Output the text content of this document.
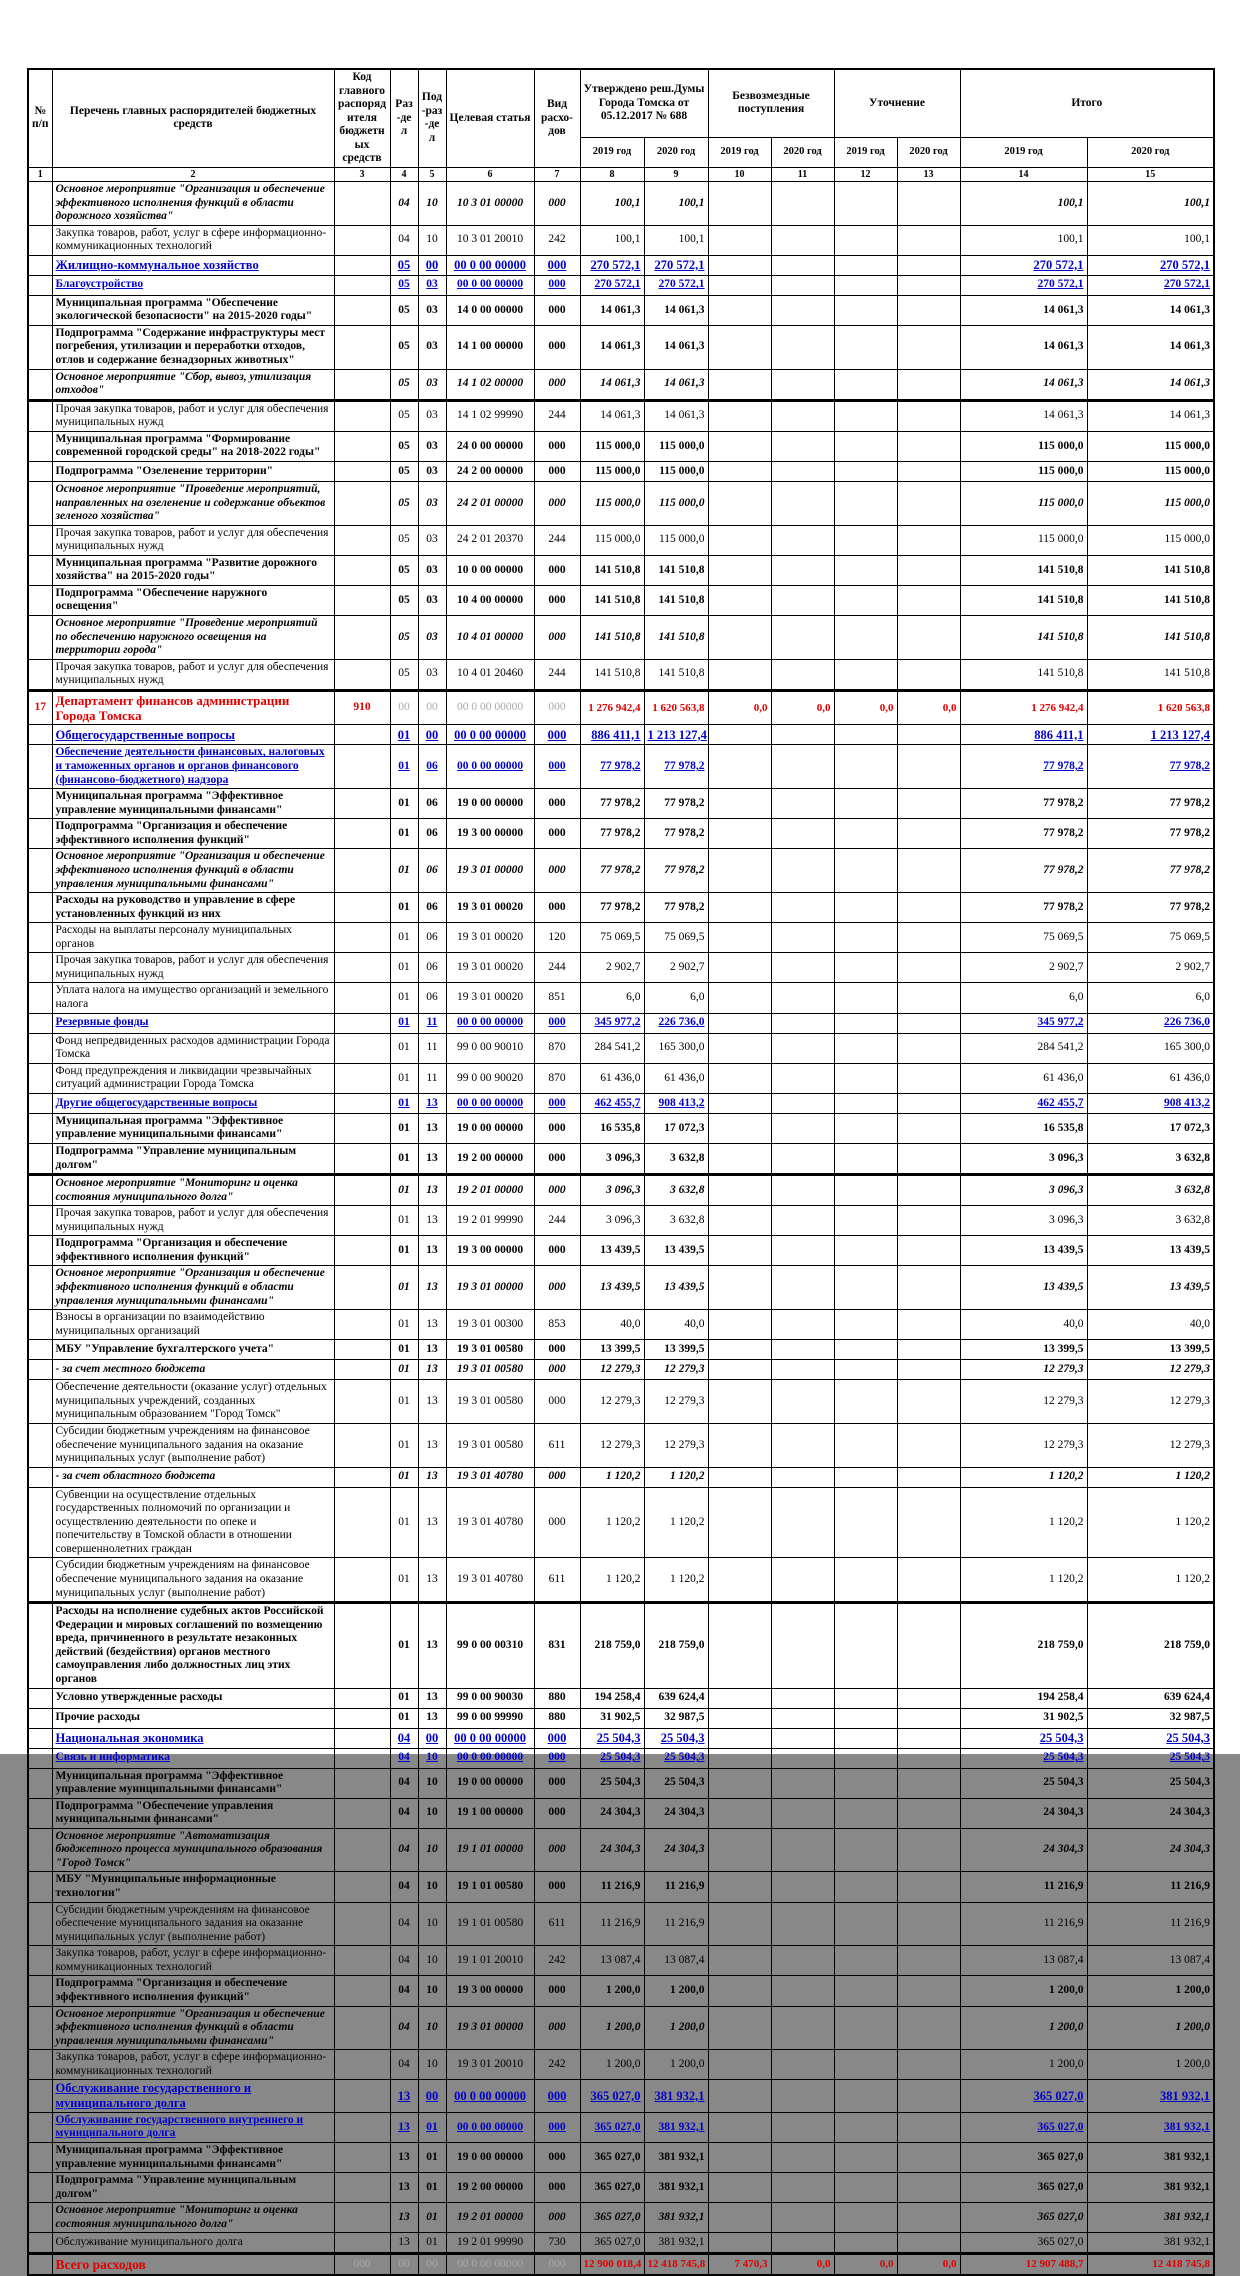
№ п/п	Перечень главных распорядителей бюджетных средств	Код главного распорядителя бюджетных средств	Раз-дел	Под-раз-дел	Целевая статья	Вид расхо-дов	Утверждено реш.Думы Города Томска от 05.12.2017 № 688		Безвозмездные поступления		Уточнение		Итого	
							2019 год	2020 год	2019 год	2020 год	2019 год	2020 год	2019 год	2020 год
1	2	3	4	5	6	7	8	9	10	11	12	13	14	15
	Основное мероприятие "Организация и обеспечение эффективного исполнения функций в области дорожного хозяйства"		04	10	10 3 01 00000	000	100,1	100,1					100,1	100,1
	Закупка товаров, работ, услуг в сфере информационно-коммуникационных технологий		04	10	10 3 01 20010	242	100,1	100,1					100,1	100,1
	Жилищно-коммунальное хозяйство		05	00	00 0 00 00000	000	270 572,1	270 572,1					270 572,1	270 572,1
	Благоустройство		05	03	00 0 00 00000	000	270 572,1	270 572,1					270 572,1	270 572,1
	Муниципальная программа "Обеспечение экологической безопасности" на 2015-2020 годы"		05	03	14 0 00 00000	000	14 061,3	14 061,3					14 061,3	14 061,3
	Подпрограмма "Содержание инфраструктуры мест погребения, утилизации и переработки отходов, отлов и содержание безнадзорных животных"		05	03	14 1 00 00000	000	14 061,3	14 061,3					14 061,3	14 061,3
	Основное мероприятие "Сбор, вывоз, утилизация отходов"		05	03	14 1 02 00000	000	14 061,3	14 061,3					14 061,3	14 061,3
	Прочая закупка товаров, работ и услуг для обеспечения муниципальных нужд		05	03	14 1 02 99990	244	14 061,3	14 061,3					14 061,3	14 061,3
	Муниципальная программа "Формирование современной городской среды" на 2018-2022 годы"		05	03	24 0 00 00000	000	115 000,0	115 000,0					115 000,0	115 000,0
	Подпрограмма "Озеленение территории"		05	03	24 2 00 00000	000	115 000,0	115 000,0					115 000,0	115 000,0
	Основное мероприятие "Проведение мероприятий, направленных на озеленение и содержание объектов зеленого хозяйства"		05	03	24 2 01 00000	000	115 000,0	115 000,0					115 000,0	115 000,0
	Прочая закупка товаров, работ и услуг для обеспечения муниципальных нужд		05	03	24 2 01 20370	244	115 000,0	115 000,0					115 000,0	115 000,0
	Муниципальная программа "Развитие дорожного хозяйства" на 2015-2020 годы"		05	03	10 0 00 00000	000	141 510,8	141 510,8					141 510,8	141 510,8
	Подпрограмма "Обеспечение наружного освещения"		05	03	10 4 00 00000	000	141 510,8	141 510,8					141 510,8	141 510,8
	Основное мероприятие "Проведение мероприятий по обеспечению наружного освещения на территории города"		05	03	10 4 01 00000	000	141 510,8	141 510,8					141 510,8	141 510,8
	Прочая закупка товаров, работ и услуг для обеспечения муниципальных нужд		05	03	10 4 01 20460	244	141 510,8	141 510,8					141 510,8	141 510,8
17	Департамент финансов администрации Города Томска	910	00	00	00 0 00 00000	000	1 276 942,4	1 620 563,8	0,0	0,0	0,0	0,0	1 276 942,4	1 620 563,8
	Общегосударственные вопросы		01	00	00 0 00 00000	000	886 411,1	1 213 127,4					886 411,1	1 213 127,4
	Обеспечение деятельности финансовых, налоговых и таможенных органов и органов финансового (финансово-бюджетного) надзора		01	06	00 0 00 00000	000	77 978,2	77 978,2					77 978,2	77 978,2
	Муниципальная программа "Эффективное управление муниципальными финансами"		01	06	19 0 00 00000	000	77 978,2	77 978,2					77 978,2	77 978,2
	Подпрограмма "Организация и обеспечение эффективного исполнения функций"		01	06	19 3 00 00000	000	77 978,2	77 978,2					77 978,2	77 978,2
	Основное мероприятие "Организация и обеспечение эффективного исполнения функций в области управления муниципальными финансами"		01	06	19 3 01 00000	000	77 978,2	77 978,2					77 978,2	77 978,2
	Расходы на руководство и управление в сфере установленных функций из них		01	06	19 3 01 00020	000	77 978,2	77 978,2					77 978,2	77 978,2
	Расходы на выплаты персоналу муниципальных органов		01	06	19 3 01 00020	120	75 069,5	75 069,5					75 069,5	75 069,5
	Прочая закупка товаров, работ и услуг для обеспечения муниципальных нужд		01	06	19 3 01 00020	244	2 902,7	2 902,7					2 902,7	2 902,7
	Уплата налога на имущество организаций и земельного налога		01	06	19 3 01 00020	851	6,0	6,0					6,0	6,0
	Резервные фонды		01	11	00 0 00 00000	000	345 977,2	226 736,0					345 977,2	226 736,0
	Фонд непредвиденных расходов администрации Города Томска		01	11	99 0 00 90010	870	284 541,2	165 300,0					284 541,2	165 300,0
	Фонд предупреждения и ликвидации чрезвычайных ситуаций администрации Города Томска		01	11	99 0 00 90020	870	61 436,0	61 436,0					61 436,0	61 436,0
	Другие общегосударственные вопросы		01	13	00 0 00 00000	000	462 455,7	908 413,2					462 455,7	908 413,2
	Муниципальная программа "Эффективное управление муниципальными финансами"		01	13	19 0 00 00000	000	16 535,8	17 072,3					16 535,8	17 072,3
	Подпрограмма "Управление муниципальным долгом"		01	13	19 2 00 00000	000	3 096,3	3 632,8					3 096,3	3 632,8
	Основное мероприятие "Мониторинг и оценка состояния муниципального долга"		01	13	19 2 01 00000	000	3 096,3	3 632,8					3 096,3	3 632,8
	Прочая закупка товаров, работ и услуг для обеспечения муниципальных нужд		01	13	19 2 01 99990	244	3 096,3	3 632,8					3 096,3	3 632,8
	Подпрограмма "Организация и обеспечение эффективного исполнения функций"		01	13	19 3 00 00000	000	13 439,5	13 439,5					13 439,5	13 439,5
	Основное мероприятие "Организация и обеспечение эффективного исполнения функций в области управления муниципальными финансами"		01	13	19 3 01 00000	000	13 439,5	13 439,5					13 439,5	13 439,5
	Взносы в организации по взаимодействию муниципальных организаций		01	13	19 3 01 00300	853	40,0	40,0					40,0	40,0
	МБУ "Управление бухгалтерского учета"		01	13	19 3 01 00580	000	13 399,5	13 399,5					13 399,5	13 399,5
	- за счет местного бюджета		01	13	19 3 01 00580	000	12 279,3	12 279,3					12 279,3	12 279,3
	Обеспечение деятельности (оказание услуг) отдельных муниципальных учреждений, созданных муниципальным образованием "Город Томск"		01	13	19 3 01 00580	000	12 279,3	12 279,3					12 279,3	12 279,3
	Субсидии бюджетным учреждениям на финансовое обеспечение муниципального задания на оказание муниципальных услуг (выполнение работ)		01	13	19 3 01 00580	611	12 279,3	12 279,3					12 279,3	12 279,3
	- за счет областного бюджета		01	13	19 3 01 40780	000	1 120,2	1 120,2					1 120,2	1 120,2
	Субвенции на осуществление отдельных государственных полномочий по организации и осуществлению деятельности по опеке и попечительству в Томской области в отношении совершеннолетних граждан		01	13	19 3 01 40780	000	1 120,2	1 120,2					1 120,2	1 120,2
	Субсидии бюджетным учреждениям на финансовое обеспечение муниципального задания на оказание муниципальных услуг (выполнение работ)		01	13	19 3 01 40780	611	1 120,2	1 120,2					1 120,2	1 120,2
	Расходы на исполнение судебных актов Российской Федерации и мировых соглашений по возмещению вреда, причиненного в результате незаконных действий (бездействия) органов местного самоуправления либо должностных лиц этих органов		01	13	99 0 00 00310	831	218 759,0	218 759,0					218 759,0	218 759,0
	Условно утвержденные расходы		01	13	99 0 00 90030	880	194 258,4	639 624,4					194 258,4	639 624,4
	Прочие расходы		01	13	99 0 00 99990	880	31 902,5	32 987,5					31 902,5	32 987,5
	Национальная экономика		04	00	00 0 00 00000	000	25 504,3	25 504,3					25 504,3	25 504,3
	Связь и информатика		04	10	00 0 00 00000	000	25 504,3	25 504,3					25 504,3	25 504,3
	Муниципальная программа "Эффективное управление муниципальными финансами"		04	10	19 0 00 00000	000	25 504,3	25 504,3					25 504,3	25 504,3
	Подпрограмма "Обеспечение управления муниципальными финансами"		04	10	19 1 00 00000	000	24 304,3	24 304,3					24 304,3	24 304,3
	Основное мероприятие "Автоматизация бюджетного процесса муниципального образования "Город Томск"		04	10	19 1 01 00000	000	24 304,3	24 304,3					24 304,3	24 304,3
	МБУ "Муниципальные информационные технологии"		04	10	19 1 01 00580	000	11 216,9	11 216,9					11 216,9	11 216,9
	Субсидии бюджетным учреждениям на финансовое обеспечение муниципального задания на оказание муниципальных услуг (выполнение работ)		04	10	19 1 01 00580	611	11 216,9	11 216,9					11 216,9	11 216,9
	Закупка товаров, работ, услуг в сфере информационно-коммуникационных технологий		04	10	19 1 01 20010	242	13 087,4	13 087,4					13 087,4	13 087,4
	Подпрограмма "Организация и обеспечение эффективного исполнения функций"		04	10	19 3 00 00000	000	1 200,0	1 200,0					1 200,0	1 200,0
	Основное мероприятие "Организация и обеспечение эффективного исполнения функций в области управления муниципальными финансами"		04	10	19 3 01 00000	000	1 200,0	1 200,0					1 200,0	1 200,0
	Закупка товаров, работ, услуг в сфере информационно-коммуникационных технологий		04	10	19 3 01 20010	242	1 200,0	1 200,0					1 200,0	1 200,0
	Обслуживание государственного и муниципального долга		13	00	00 0 00 00000	000	365 027,0	381 932,1					365 027,0	381 932,1
	Обслуживание государственного внутреннего и муниципального долга		13	01	00 0 00 00000	000	365 027,0	381 932,1					365 027,0	381 932,1
	Муниципальная программа "Эффективное управление муниципальными финансами"		13	01	19 0 00 00000	000	365 027,0	381 932,1					365 027,0	381 932,1
	Подпрограмма "Управление муниципальным долгом"		13	01	19 2 00 00000	000	365 027,0	381 932,1					365 027,0	381 932,1
	Основное мероприятие "Мониторинг и оценка состояния муниципального долга"		13	01	19 2 01 00000	000	365 027,0	381 932,1					365 027,0	381 932,1
	Обслуживание муниципального долга		13	01	19 2 01 99990	730	365 027,0	381 932,1					365 027,0	381 932,1
	Всего расходов	000	00	00	00 0 00 00000	000	12 900 018,4	12 418 745,8	7 470,3	0,0	0,0	0,0	12 907 488,7	12 418 745,8
